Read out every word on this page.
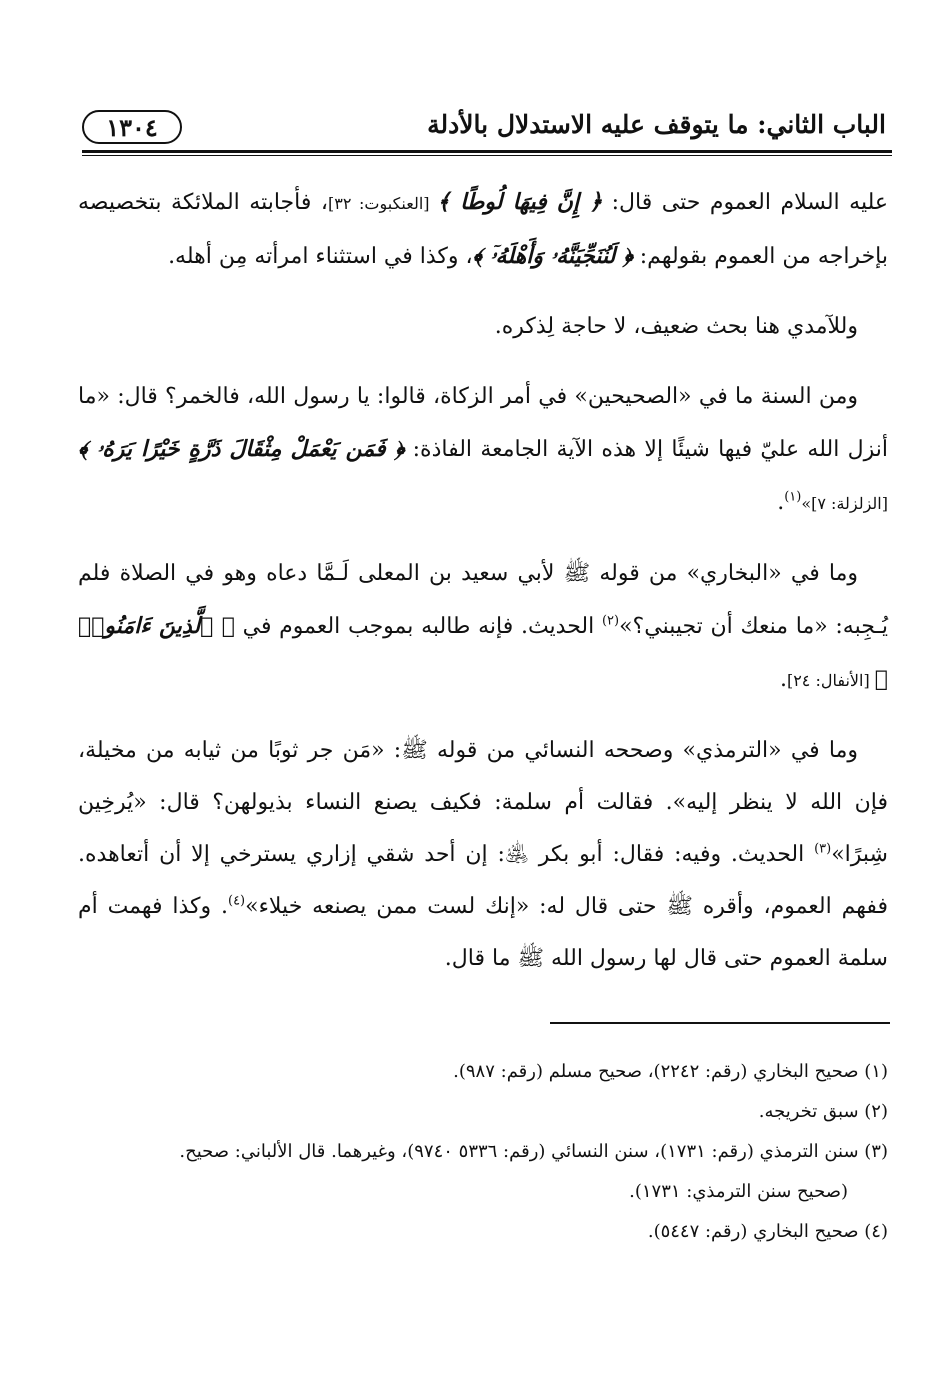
١٣٠٤	الباب الثاني: ما يتوقف عليه الاستدلال بالأدلة

عليه السلام العموم حتى قال: ﴿ إِنَّ فِيهَا لُوطًا ﴾ [العنكبوت: ٣٢]، فأجابته الملائكة بتخصيصه بإخراجه من العموم بقولهم: ﴿ لَنُنَجِّيَنَّهُۥ وَأَهْلَهُۥٓ ﴾، وكذا في استثناء امرأته مِن أهله.

وللآمدي هنا بحث ضعيف، لا حاجة لِذكره.

ومن السنة ما في «الصحيحين» في أمر الزكاة، قالوا: يا رسول الله، فالخمر؟ قال: «ما أنزل الله عليّ فيها شيئًا إلا هذه الآية الجامعة الفاذة: ﴿ فَمَن يَعْمَلْ مِثْقَالَ ذَرَّةٍ خَيْرًا يَرَهُۥ ﴾ [الزلزلة: ٧]»$^{(١)}$.

وما في «البخاري» من قوله ﷺ لأبي سعيد بن المعلى لَـمَّا دعاه وهو في الصلاة فلم يُـجِبه: «ما منعك أن تجيبني؟»$^{(٢)}$ الحديث. فإنه طالبه بموجب العموم في ﴿ ٱلَّذِينَ ءَامَنُوا۟ ﴾ [الأنفال: ٢٤].

وما في «الترمذي» وصححه النسائي من قوله ﷺ: «مَن جر ثوبًا من ثيابه من مخيلة، فإن الله لا ينظر إليه». فقالت أم سلمة: فكيف يصنع النساء بذيولهن؟ قال: «يُرخِين شِبرًا»$^{(٣)}$ الحديث. وفيه: فقال: أبو بكر ﵁: إن أحد شقي إزاري يسترخي إلا أن أتعاهده. ففهم العموم، وأقره ﷺ حتى قال له: «إنك لست ممن يصنعه خيلاء»$^{(٤)}$. وكذا فهمت أم سلمة العموم حتى قال لها رسول الله ﷺ ما قال.

(١) صحيح البخاري (رقم: ٢٢٤٢)، صحيح مسلم (رقم: ٩٨٧).

(٢) سبق تخريجه.

(٣) سنن الترمذي (رقم: ١٧٣١)، سنن النسائي (رقم: ٥٣٣٦ ٩٧٤٠)، وغيرهما. قال الألباني: صحيح.

(صحيح سنن الترمذي: ١٧٣١).

(٤) صحيح البخاري (رقم: ٥٤٤٧).
